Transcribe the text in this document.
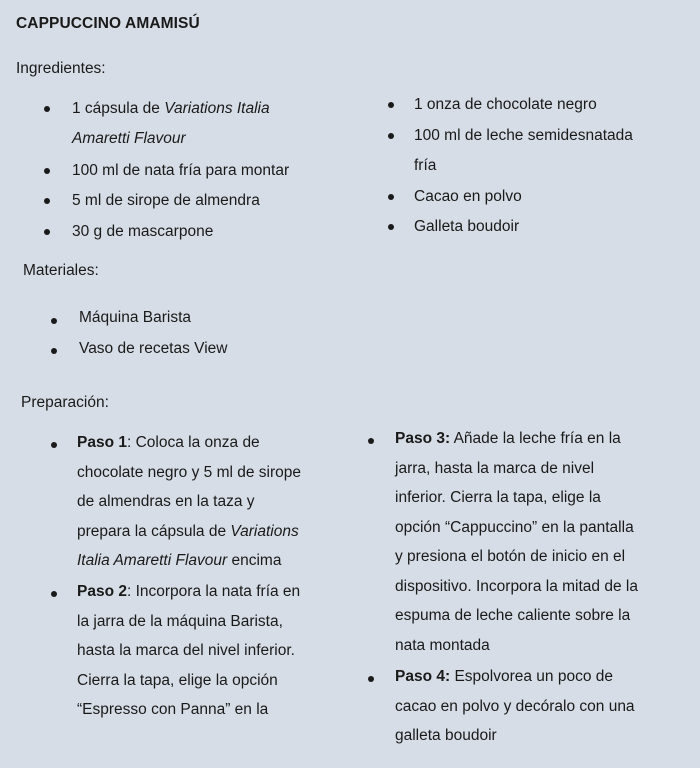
CAPPUCCINO AMAMISÚ
Ingredientes:
1 cápsula de Variations Italia
Amaretti Flavour
100 ml de nata fría para montar
5 ml de sirope de almendra
30 g de mascarpone
1 onza de chocolate negro
100 ml de leche semidesnatada
fría
Cacao en polvo
Galleta boudoir
Materiales:
Máquina Barista
Vaso de recetas View
Preparación:
Paso 1: Coloca la onza de
chocolate negro y 5 ml de sirope
de almendras en la taza y
prepara la cápsula de Variations
Italia Amaretti Flavour encima
Paso 2: Incorpora la nata fría en
la jarra de la máquina Barista,
hasta la marca del nivel inferior.
Cierra la tapa, elige la opción
“Espresso con Panna” en la
Paso 3: Añade la leche fría en la
jarra, hasta la marca de nivel
inferior. Cierra la tapa, elige la
opción “Cappuccino” en la pantalla
y presiona el botón de inicio en el
dispositivo. Incorpora la mitad de la
espuma de leche caliente sobre la
nata montada
Paso 4: Espolvorea un poco de
cacao en polvo y decóralo con una
galleta boudoir
